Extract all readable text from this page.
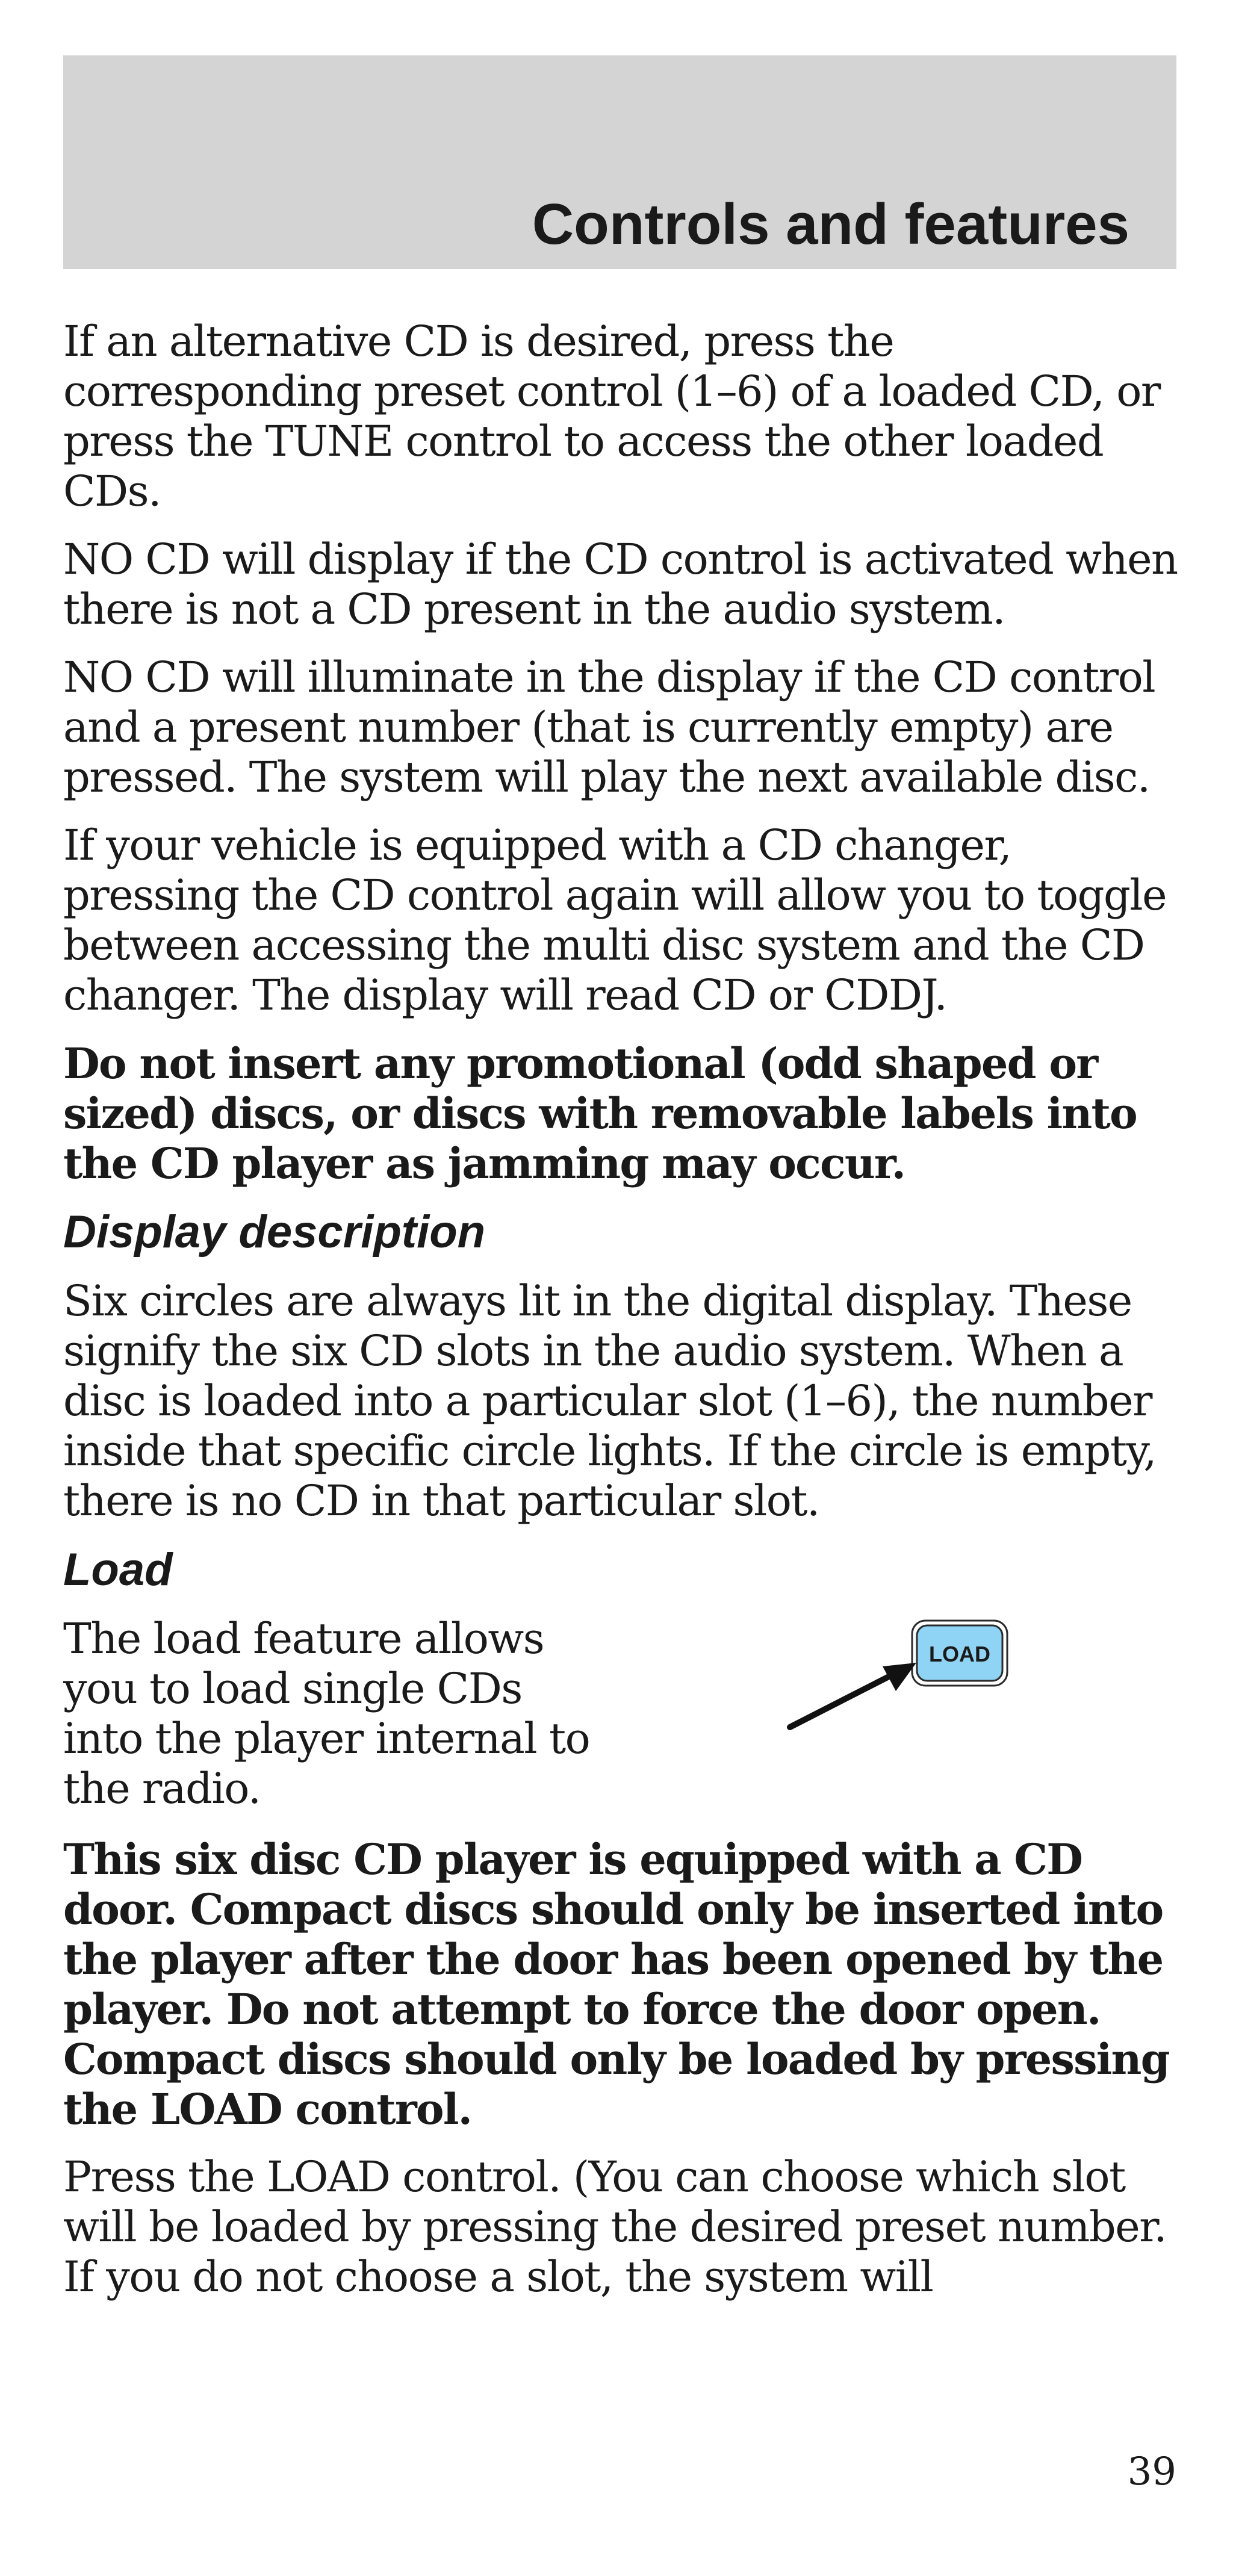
Controls and features

If an alternative CD is desired, press the corresponding preset control (1–6) of a loaded CD, or press the TUNE control to access the other loaded CDs.

NO CD will display if the CD control is activated when there is not a CD present in the audio system.

NO CD will illuminate in the display if the CD control and a present number (that is currently empty) are pressed. The system will play the next available disc.

If your vehicle is equipped with a CD changer, pressing the CD control again will allow you to toggle between accessing the multi disc system and the CD changer. The display will read CD or CDDJ.

Do not insert any promotional (odd shaped or sized) discs, or discs with removable labels into the CD player as jamming may occur.

Display description

Six circles are always lit in the digital display. These signify the six CD slots in the audio system. When a disc is loaded into a particular slot (1–6), the number inside that specific circle lights. If the circle is empty, there is no CD in that particular slot.

Load

The load feature allows you to load single CDs into the player internal to the radio.

LOAD

This six disc CD player is equipped with a CD door. Compact discs should only be inserted into the player after the door has been opened by the player. Do not attempt to force the door open. Compact discs should only be loaded by pressing the LOAD control.

Press the LOAD control. (You can choose which slot will be loaded by pressing the desired preset number. If you do not choose a slot, the system will

39
